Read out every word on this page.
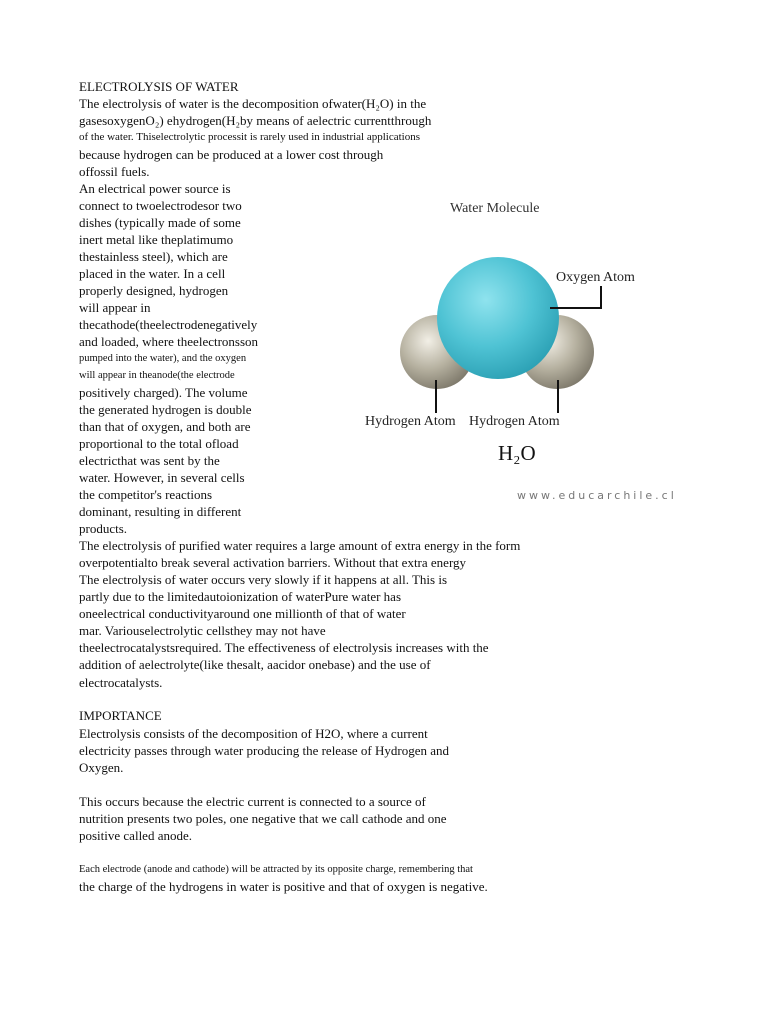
ELECTROLYSIS OF WATER
The electrolysis of water is the decomposition ofwater(H₂O) in the
gasesoxygenO₂) ehydrogen(H₂by means of aelectric currentthrough
of the water. Thiselectrolytic processit is rarely used in industrial applications
because hydrogen can be produced at a lower cost through
offossil fuels.
An electrical power source is
connect to twoelectrodesor two
dishes (typically made of some
inert metal like theplatimumo
thestainless steel), which are
placed in the water. In a cell
properly designed, hydrogen
will appear in
thecathode(theelectrodenegatively
and loaded, where theelectronsson
pumped into the water), and the oxygen
will appear in theanode(the electrode
positively charged). The volume
the generated hydrogen is double
than that of oxygen, and both are
proportional to the total ofload
electricthat was sent by the
water. However, in several cells
the competitor's reactions
dominant, resulting in different
products.
The electrolysis of purified water requires a large amount of extra energy in the form
overpotentialto break several activation barriers. Without that extra energy
The electrolysis of water occurs very slowly if it happens at all. This is
partly due to the limitedautoionization of waterPure water has
oneelectrical conductivityaround one millionth of that of water
mar. Variouselectrolytic cellsthey may not have
theelectrocatalystsrequired. The effectiveness of electrolysis increases with the
addition of aelectrolyte(like thesalt, aacidor onebase) and the use of
electrocatalysts.
IMPORTANCE
Electrolysis consists of the decomposition of H2O, where a current
electricity passes through water producing the release of Hydrogen and
Oxygen.
This occurs because the electric current is connected to a source of
nutrition presents two poles, one negative that we call cathode and one
positive called anode.
Each electrode (anode and cathode) will be attracted by its opposite charge, remembering that
the charge of the hydrogens in water is positive and that of oxygen is negative.
Water Molecule
Oxygen Atom
Hydrogen Atom Hydrogen Atom
H₂O
www.educarchile.cl
